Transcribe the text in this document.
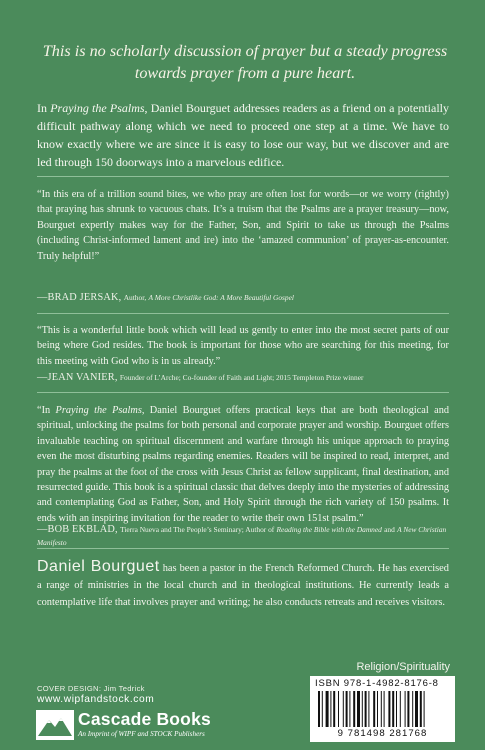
This is no scholarly discussion of prayer but a steady progress towards prayer from a pure heart.
In Praying the Psalms, Daniel Bourguet addresses readers as a friend on a potentially difficult pathway along which we need to proceed one step at a time. We have to know exactly where we are since it is easy to lose our way, but we discover and are led through 150 doorways into a marvelous edifice.
“In this era of a trillion sound bites, we who pray are often lost for words—or we worry (rightly) that praying has shrunk to vacuous chats. It’s a truism that the Psalms are a prayer treasury—now, Bourguet expertly makes way for the Father, Son, and Spirit to take us through the Psalms (including Christ-informed lament and ire) into the ‘amazed communion’ of prayer-as-encounter. Truly helpful!”
—BRAD JERSAK, Author, A More Christlike God: A More Beautiful Gospel
“This is a wonderful little book which will lead us gently to enter into the most secret parts of our being where God resides. The book is important for those who are searching for this meeting, for this meeting with God who is in us already.”
—JEAN VANIER, Founder of L’Arche; Co-founder of Faith and Light; 2015 Templeton Prize winner
“In Praying the Psalms, Daniel Bourguet offers practical keys that are both theological and spiritual, unlocking the psalms for both personal and corporate prayer and worship. Bourguet offers invaluable teaching on spiritual discernment and warfare through his unique approach to praying even the most disturbing psalms regarding enemies. Readers will be inspired to read, interpret, and pray the psalms at the foot of the cross with Jesus Christ as fellow supplicant, final destination, and resurrected guide. This book is a spiritual classic that delves deeply into the mysteries of addressing and contemplating God as Father, Son, and Holy Spirit through the rich variety of 150 psalms. It ends with an inspiring invitation for the reader to write their own 151st psalm.”
—BOB EKBLAD, Tierra Nueva and The People’s Seminary; Author of Reading the Bible with the Damned and A New Christian Manifesto
Daniel Bourguet has been a pastor in the French Reformed Church. He has exercised a range of ministries in the local church and in theological institutions. He currently leads a contemplative life that involves prayer and writing; he also conducts retreats and receives visitors.
Religion/Spirituality
COVER DESIGN: Jim Tedrick
www.wipfandstock.com
Cascade Books
An Imprint of WIPF and STOCK Publishers
ISBN 978-1-4982-8176-8
9 781498 281768
